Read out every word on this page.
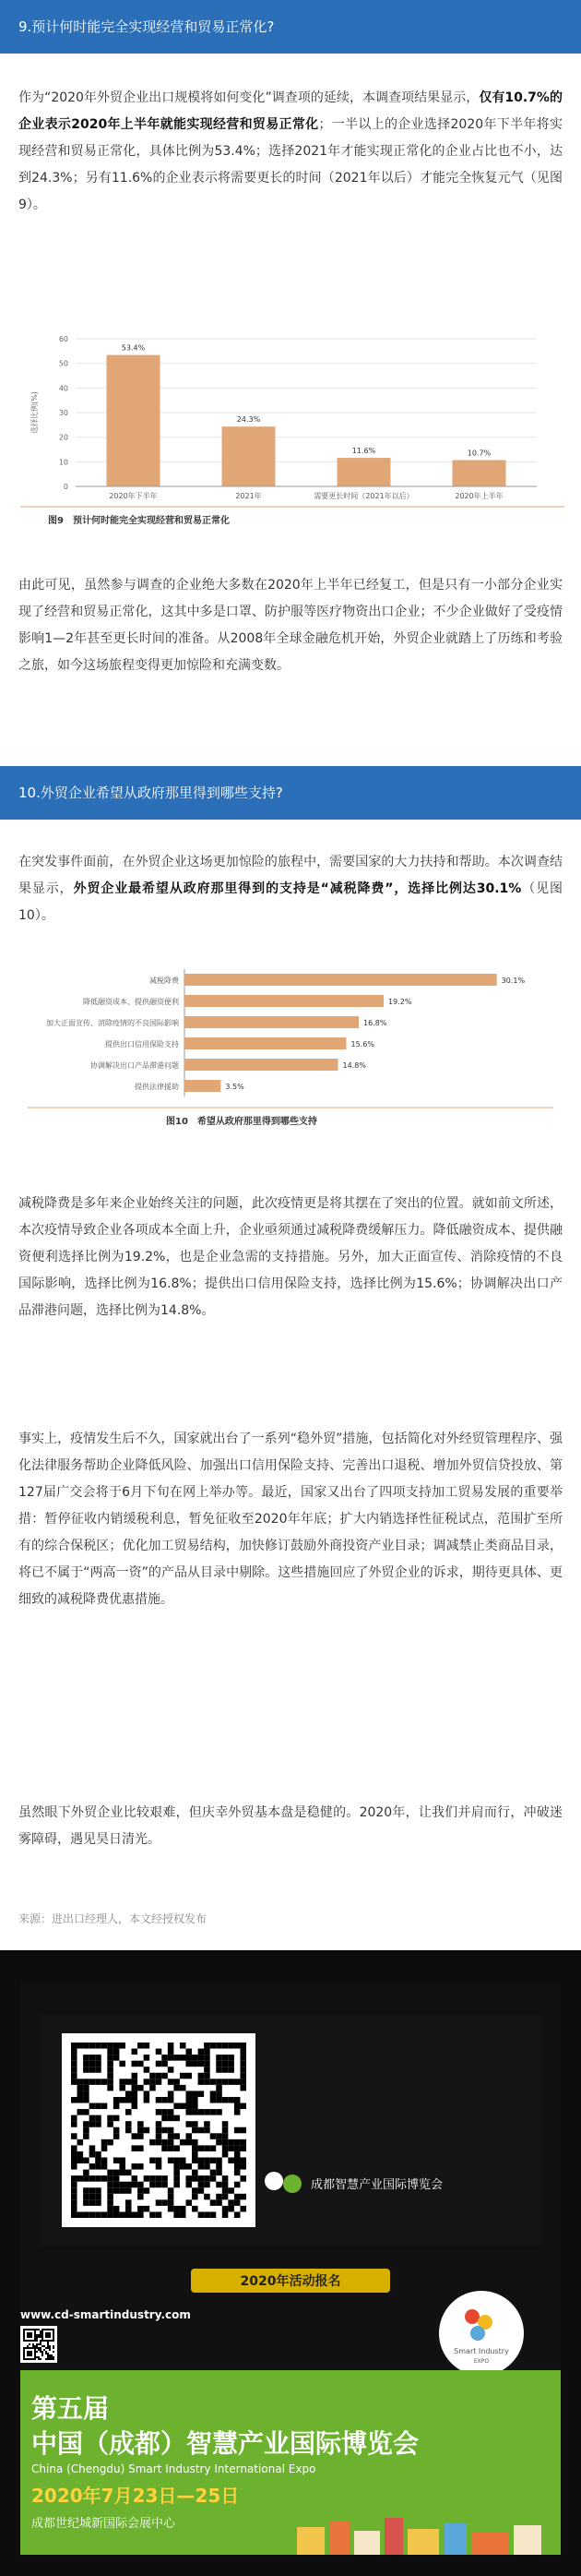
9.预计何时能完全实现经营和贸易正常化?

作为“2020年外贸企业出口规模将如何变化”调查项的延续，本调查项结果显示，仅有10.7%的企业表示2020年上半年就能实现经营和贸易正常化；一半以上的企业选择2020年下半年将实现经营和贸易正常化，具体比例为53.4%；选择2021年才能实现正常化的企业占比也不小，达到24.3%；另有11.6%的企业表示将需要更长的时间（2021年以后）才能完全恢复元气（见图9）。

0
10
20
30
40
50
60
选择比例(%)
53.4%
2020年下半年
24.3%
2021年
11.6%
需要更长时间（2021年以后）
10.7%
2020年上半年
图9　预计何时能完全实现经营和贸易正常化

由此可见，虽然参与调查的企业绝大多数在2020年上半年已经复工，但是只有一小部分企业实现了经营和贸易正常化，这其中多是口罩、防护服等医疗物资出口企业；不少企业做好了受疫情影响1—2年甚至更长时间的准备。从2008年全球金融危机开始，外贸企业就踏上了历练和考验之旅，如今这场旅程变得更加惊险和充满变数。

10.外贸企业希望从政府那里得到哪些支持?

在突发事件面前，在外贸企业这场更加惊险的旅程中，需要国家的大力扶持和帮助。本次调查结果显示，外贸企业最希望从政府那里得到的支持是“减税降费”，选择比例达30.1%（见图10）。

减税降费	30.1%
降低融资成本、提供融资便利	19.2%
加大正面宣传、消除疫情的不良国际影响	16.8%
提供出口信用保险支持	15.6%
协调解决出口产品滞港问题	14.8%
提供法律援助	3.5%
图10　希望从政府那里得到哪些支持

减税降费是多年来企业始终关注的问题，此次疫情更是将其摆在了突出的位置。就如前文所述，本次疫情导致企业各项成本全面上升，企业亟须通过减税降费缓解压力。降低融资成本、提供融资便利选择比例为19.2%，也是企业急需的支持措施。另外，加大正面宣传、消除疫情的不良国际影响，选择比例为16.8%；提供出口信用保险支持，选择比例为15.6%；协调解决出口产品滞港问题，选择比例为14.8%。

事实上，疫情发生后不久，国家就出台了一系列“稳外贸”措施，包括简化对外经贸管理程序、强化法律服务帮助企业降低风险、加强出口信用保险支持、完善出口退税、增加外贸信贷投放、第127届广交会将于6月下旬在网上举办等。最近，国家又出台了四项支持加工贸易发展的重要举措：暂停征收内销缓税利息，暂免征收至2020年年底；扩大内销选择性征税试点，范围扩至所有的综合保税区；优化加工贸易结构，加快修订鼓励外商投资产业目录；调减禁止类商品目录，将已不属于“两高一资”的产品从目录中剔除。这些措施回应了外贸企业的诉求，期待更具体、更细致的减税降费优惠措施。

虽然眼下外贸企业比较艰难，但庆幸外贸基本盘是稳健的。2020年，让我们并肩而行，冲破迷雾障碍，遇见昊日清光。

来源：进出口经理人，本文经授权发布
成都智慧产业国际博览会
2020年活动报名
www.cd-smartindustry.com
Smart Industry
EXPO
第五届
中国（成都）智慧产业国际博览会
China (Chengdu) Smart Industry International Expo
2020年7月23日—25日
成都世纪城新国际会展中心
